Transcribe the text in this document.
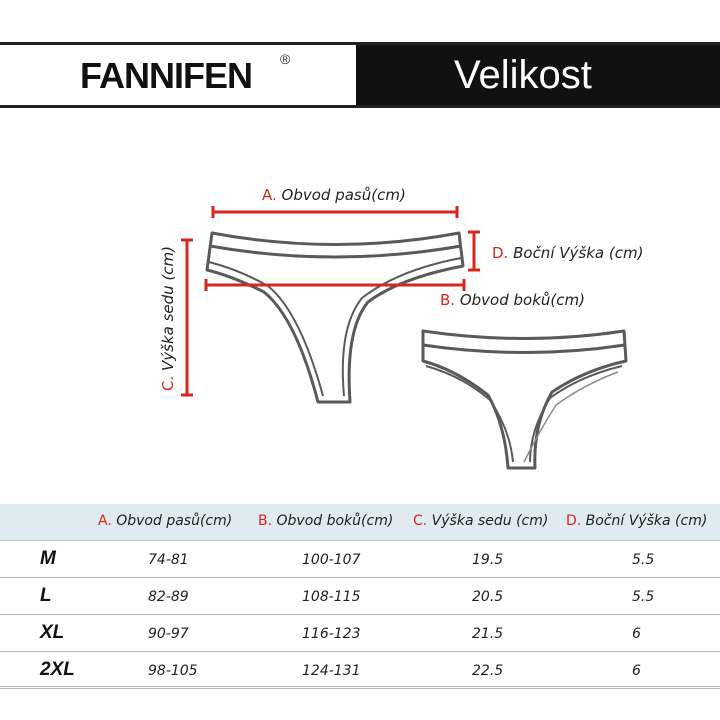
FANNIFEN ®	Velikost
A. Obvod pasů(cm)
D. Boční Výška (cm)
B. Obvod boků(cm)
C. Výška sedu (cm)
A. Obvod pasů(cm) B. Obvod boků(cm) C. Výška sedu (cm) D. Boční Výška (cm)
M	74-81	100-107	19.5	5.5
L	82-89	108-115	20.5	5.5
XL	90-97	116-123	21.5	6
2XL	98-105	124-131	22.5	6
